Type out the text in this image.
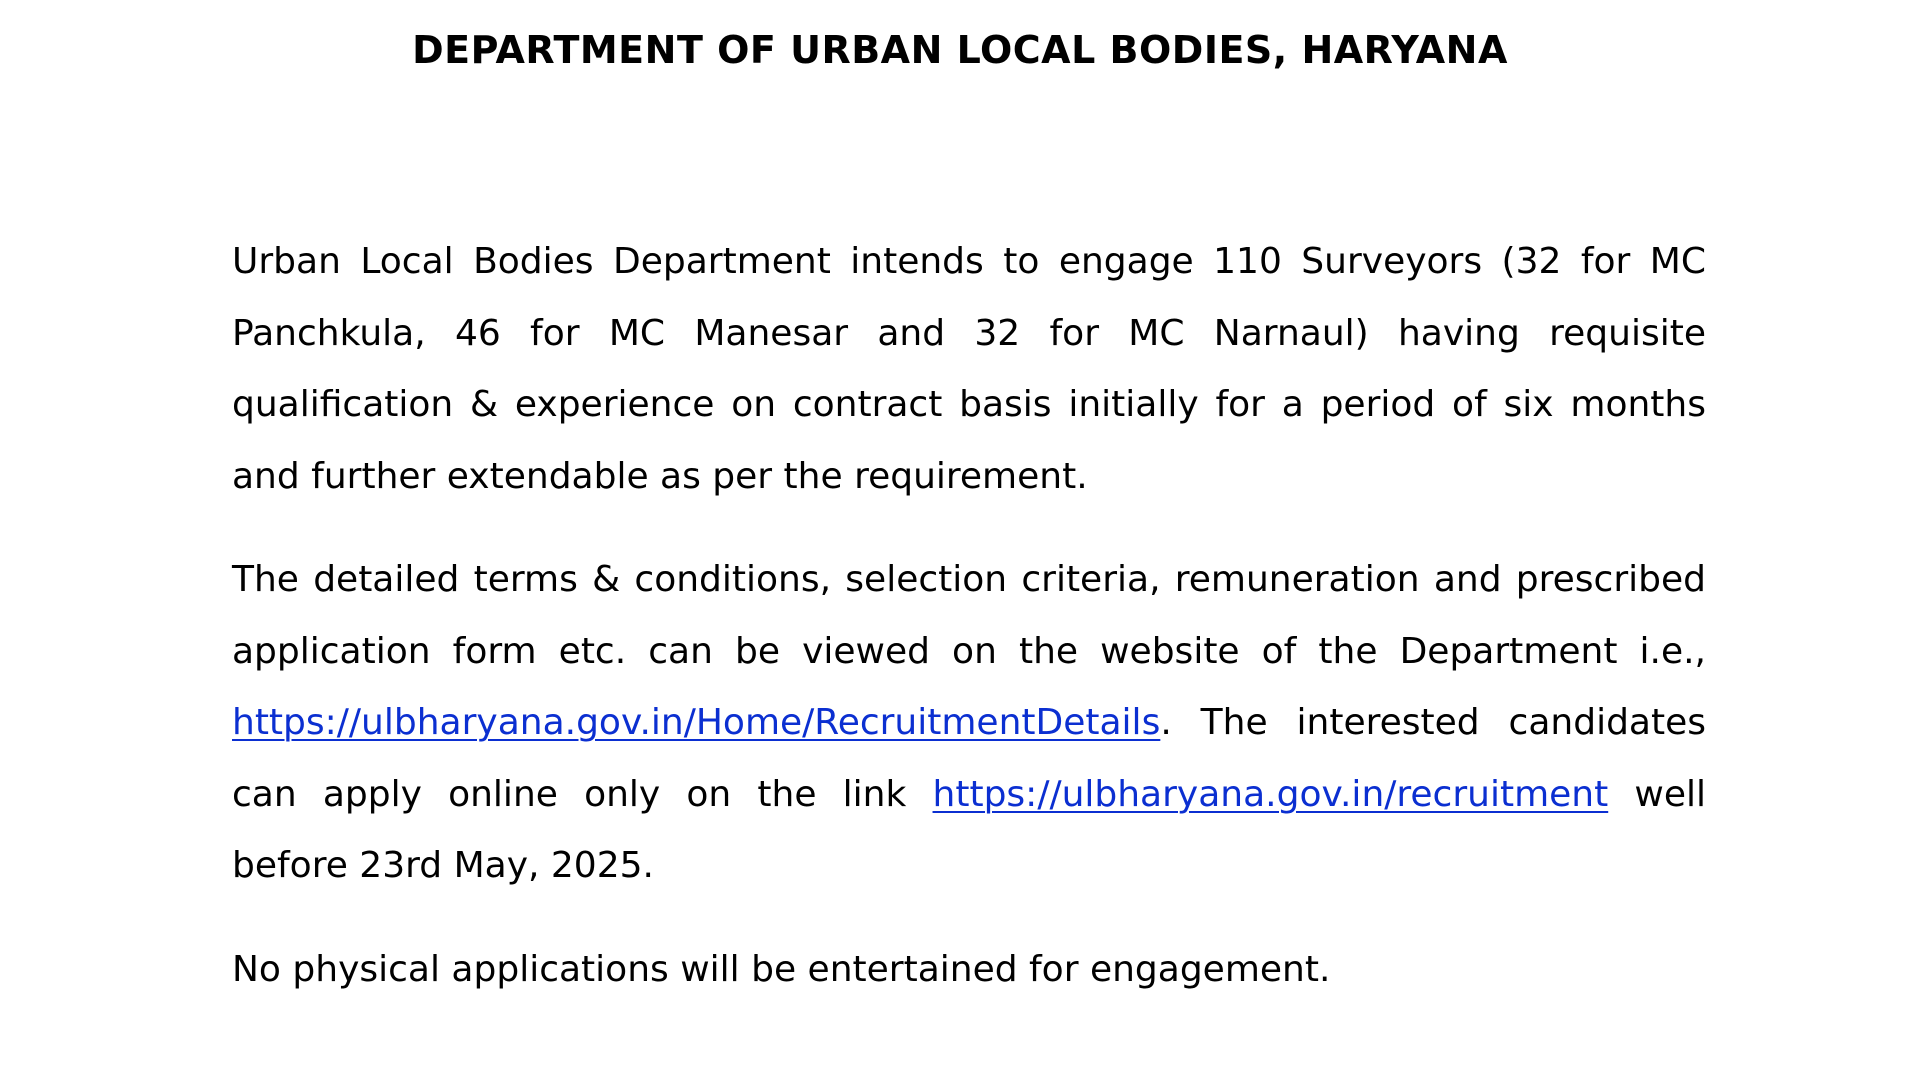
DEPARTMENT OF URBAN LOCAL BODIES, HARYANA

Urban Local Bodies Department intends to engage 110 Surveyors (32 for MC Panchkula, 46 for MC Manesar and 32 for MC Narnaul) having requisite qualification & experience on contract basis initially for a period of six months and further extendable as per the requirement.

The detailed terms & conditions, selection criteria, remuneration and prescribed application form etc. can be viewed on the website of the Department i.e., https://ulbharyana.gov.in/Home/RecruitmentDetails. The interested candidates can apply online only on the link https://ulbharyana.gov.in/recruitment well before 23rd May, 2025.

No physical applications will be entertained for engagement.
